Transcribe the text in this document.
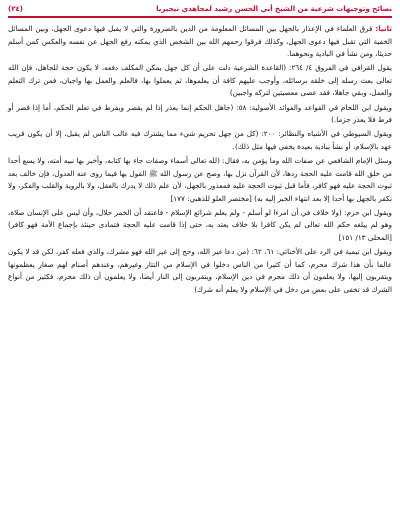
نصائح وتوجيهات شرعية من الشيخ أبي الحسن رشيد لمجاهدي نيجيريا
(٢٤)

ثانيا: فرق العلماء في الإعذار بالجهل بين المسائل المعلومة من الدين بالضرورة والتي لا يقبل فيها دعوى الجهل، وبين المسائل الخفية التي تقبل فيها دعوى الجهل، وكذلك فرقوا رحمهم الله بين الشخص الذي يمكنه رفع الجهل عن نفسه والعكس كمن أسلم حديثا، ومن نشأ في البادية ونحوهما.

يقول القرافي في الفروق ٤/ ٢٦٤: (القاعدة الشرعية دلت على أن كل جهل يمكن المكلف دفعه، لا يكون حجة للجاهل، فإن الله تعالى بعث رسله إلى خلقه برسائله، وأوجب عليهم كافة أن يعلموها، ثم يعملوا بها، فالعلم والعمل بها واجبان، فمن ترك التعلم والعمل، وبقي جاهلا، فقد عصى معصيتين لتركه واجبين)

ويقول ابن اللحام في القواعد والفوائد الأصولية: ٥٨: (جاهل الحكم إنما يعذر إذا لم يقصر ويفرط في تعلم الحكم، أما إذا قصر أو فرط فلا يعذر جزما.)

ويقول السيوطي في الأشباه والنظائر: ٢٠٠: (كل من جهل تحريم شيء مما يشترك فيه غالب الناس لم يقبل، إلا أن يكون قريب عهد بالإسلام، أو نشأ ببادية بعيدة يخفى فيها مثل ذلك).

وسئل الإمام الشافعي عن صفات الله وما يؤمن به، فقال: (لله تعالى أسماء وصفات جاء بها كتابه، وأخبر بها نبيه أمته، ولا يسع أحدا من خلق الله قامت عليه الحجة ردها، لأن القرآن نزل بها، وصح عن رسول الله ﷺ القول بها فيما روى عنه العدول، فإن خالف بعد ثبوت الحجة عليه فهو كافر، فأما قبل ثبوت الحجة عليه فمعذور بالجهل، لأن علم ذلك لا يدرك بالعقل، ولا بالروية والقلب والفكر، ولا نكفر بالجهل بها أحدا إلا بعد انتهاء الخبر إليه به) [مختصر العلو للذهبي: ١٧٧]

ويقول ابن حزم: (ولا خلاف في أن امرءا لو أسلم - ولم يعلم شرائع الإسلام - فاعتقد أن الخمر حلال، وأن ليس على الإنسان صلاة، وهو لم يبلغه حكم الله تعالى لم يكن كافرا بلا خلاف يعتد به، حتى إذا قامت عليه الحجة فتمادى حينئذ بإجماع الأمة فهو كافر) [المحلى ١٣/ ١٥١]

ويقول ابن تيمية في الرد على الأخنائي: ٦١، ٦٢: (من دعا غير الله، وحج إلى غير الله فهو مشرك، والذي فعله كفر، لكن قد لا يكون عالما بأن هذا شرك محرم، كما أن كثيرا من الناس دخلوا في الإسلام من التتار وغيرهم، وعندهم أصنام لهم صغار يعظمونها ويتقربون إليها، ولا يعلمون أن ذلك محرم في دين الإسلام، ويتقربون إلى النار أيضا، ولا يعلمون أن ذلك محرم، فكثير من أنواع الشرك قد تخفى على بعض من دخل في الإسلام ولا يعلم أنه شرك)
